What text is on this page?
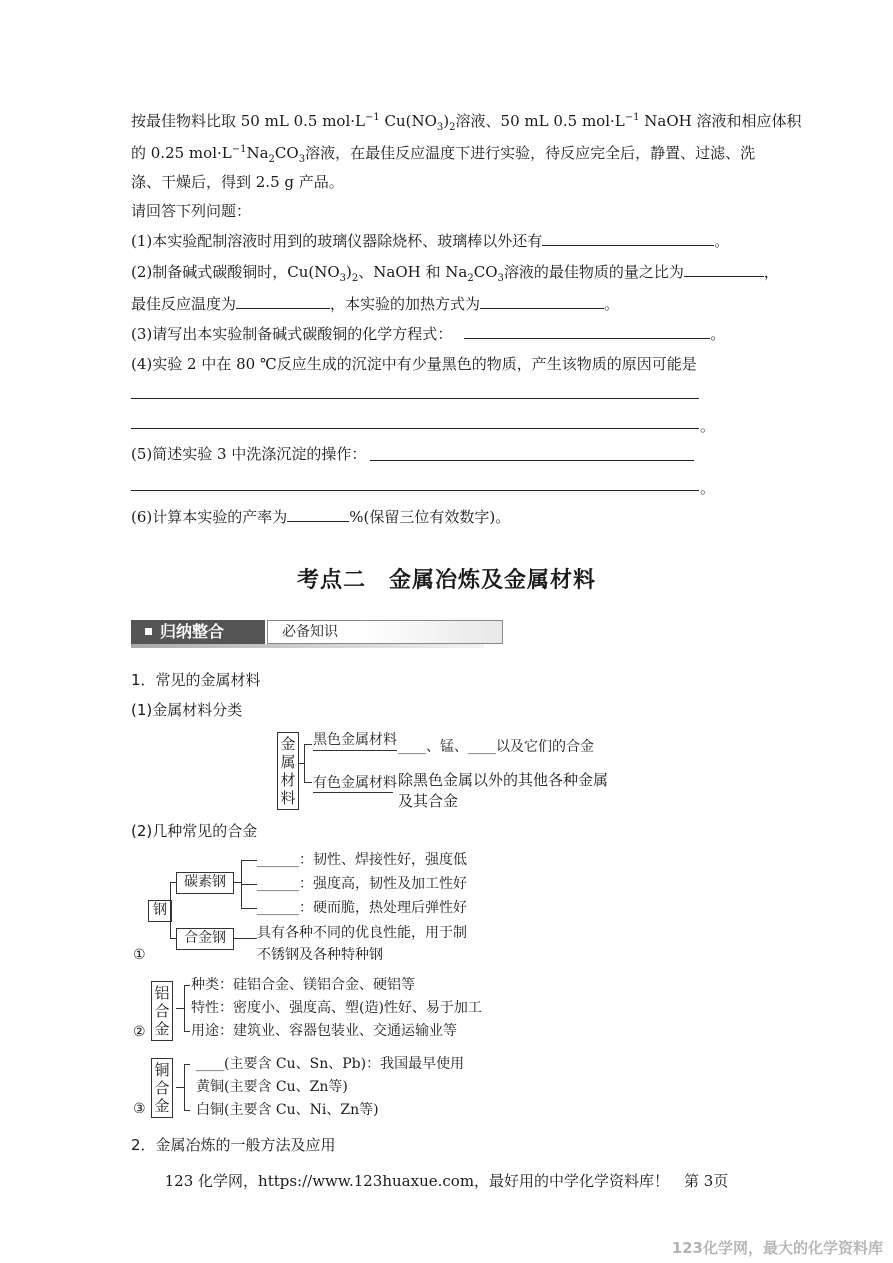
按最佳物料比取 50 mL 0.5 $mol\cdot L^{-1}$ $Cu(NO_3)_2$溶液、50 mL 0.5 $mol\cdot L^{-1}$ NaOH 溶液和相应体积
的 0.25 $mol\cdot L^{-1}Na_2CO_3$溶液，在最佳反应温度下进行实验，待反应完全后，静置、过滤、洗
涤、干燥后，得到 2.5 g 产品。
请回答下列问题：
(1)本实验配制溶液时用到的玻璃仪器除烧杯、玻璃棒以外还有	。
(2)制备碱式碳酸铜时，$Cu(NO_3)_2$、NaOH 和 $Na_2CO_3$溶液的最佳物质的量之比为	，
最佳反应温度为	，本实验的加热方式为	。
(3)请写出本实验制备碱式碳酸铜的化学方程式：	。
(4)实验 2 中在 80 ℃反应生成的沉淀中有少量黑色的物质，产生该物质的原因可能是
。
(5)简述实验 3 中洗涤沉淀的操作：
。
(6)计算本实验的产率为	%(保留三位有效数字)。
考点二　金属冶炼及金属材料
归纳整合	必备知识
1．常见的金属材料
(1)金属材料分类
金
属
材
料
黑色金属材料 ____、锰、____以及它们的合金
有色金属材料 除黑色金属以外的其他各种金属
及其合金
(2)几种常见的合金
钢
碳素钢
合金钢
______：韧性、焊接性好，强度低
______：强度高，韧性及加工性好
______：硬而脆，热处理后弹性好
具有各种不同的优良性能，用于制
不锈钢及各种特种钢
①
铝
合
金
种类：硅铝合金、镁铝合金、硬铝等
特性：密度小、强度高、塑(造)性好、易于加工
用途：建筑业、容器包装业、交通运输业等
②
铜
合
金
____(主要含 Cu、Sn、Pb)：我国最早使用
黄铜(主要含 Cu、Zn等)
白铜(主要含 Cu、Ni、Zn等)
③
2．金属冶炼的一般方法及应用
123 化学网，https://www.123huaxue.com，最好用的中学化学资料库！　第 3页
123化学网，最大的化学资料库
